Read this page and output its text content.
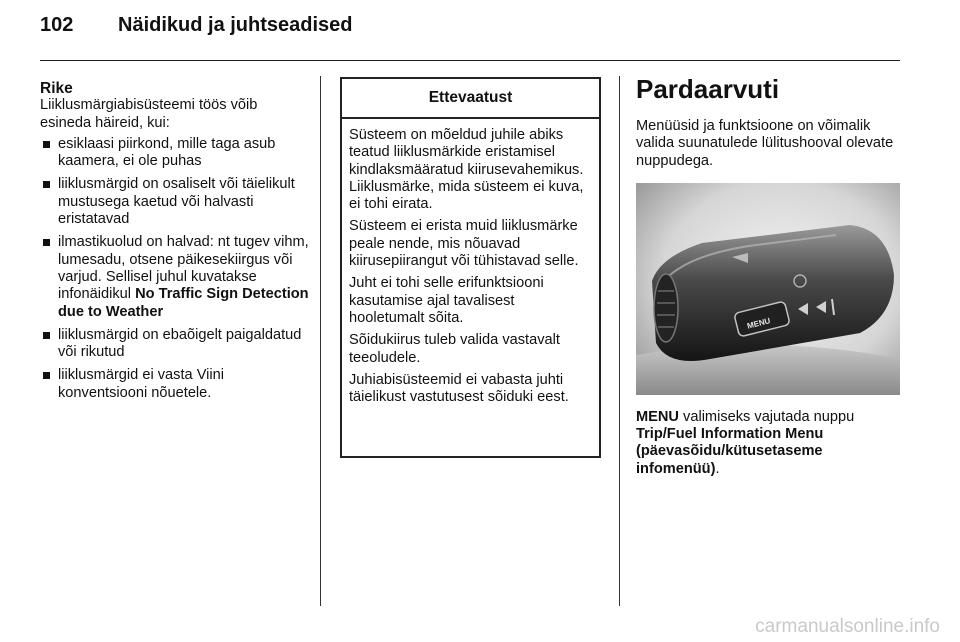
102	Näidikud ja juhtseadised
Rike
Liiklusmärgiabisüsteemi töös võib esineda häireid, kui:
esiklaasi piirkond, mille taga asub kaamera, ei ole puhas
liiklusmärgid on osaliselt või täielikult mustusega kaetud või halvasti eristatavad
ilmastikuolud on halvad: nt tugev vihm, lumesadu, otsene päikesekiirgus või varjud. Sellisel juhul kuvatakse infonäidikul No Traffic Sign Detection due to Weather
liiklusmärgid on ebaõigelt paigaldatud või rikutud
liiklusmärgid ei vasta Viini konventsiooni nõuetele.
Ettevaatust

Süsteem on mõeldud juhile abiks teatud liiklusmärkide eristamisel kindlaksmääratud kiirusevahemikus. Liiklusmärke, mida süsteem ei kuva, ei tohi eirata.

Süsteem ei erista muid liiklusmärke peale nende, mis nõuavad kiirusepiirangut või tühistavad selle.

Juht ei tohi selle erifunktsiooni kasutamise ajal tavalisest hooletumalt sõita.

Sõidukiirus tuleb valida vastavalt teeoludele.

Juhiabisüsteemid ei vabasta juhti täielikust vastutusest sõiduki eest.

Pardaarvuti
Menüüsid ja funktsioone on võimalik valida suunatulede lülitushooval olevate nuppudega.
MENU
MENU valimiseks vajutada nuppu Trip/Fuel Information Menu (päevasõidu/kütusetaseme infomenüü).
carmanualsonline.info
